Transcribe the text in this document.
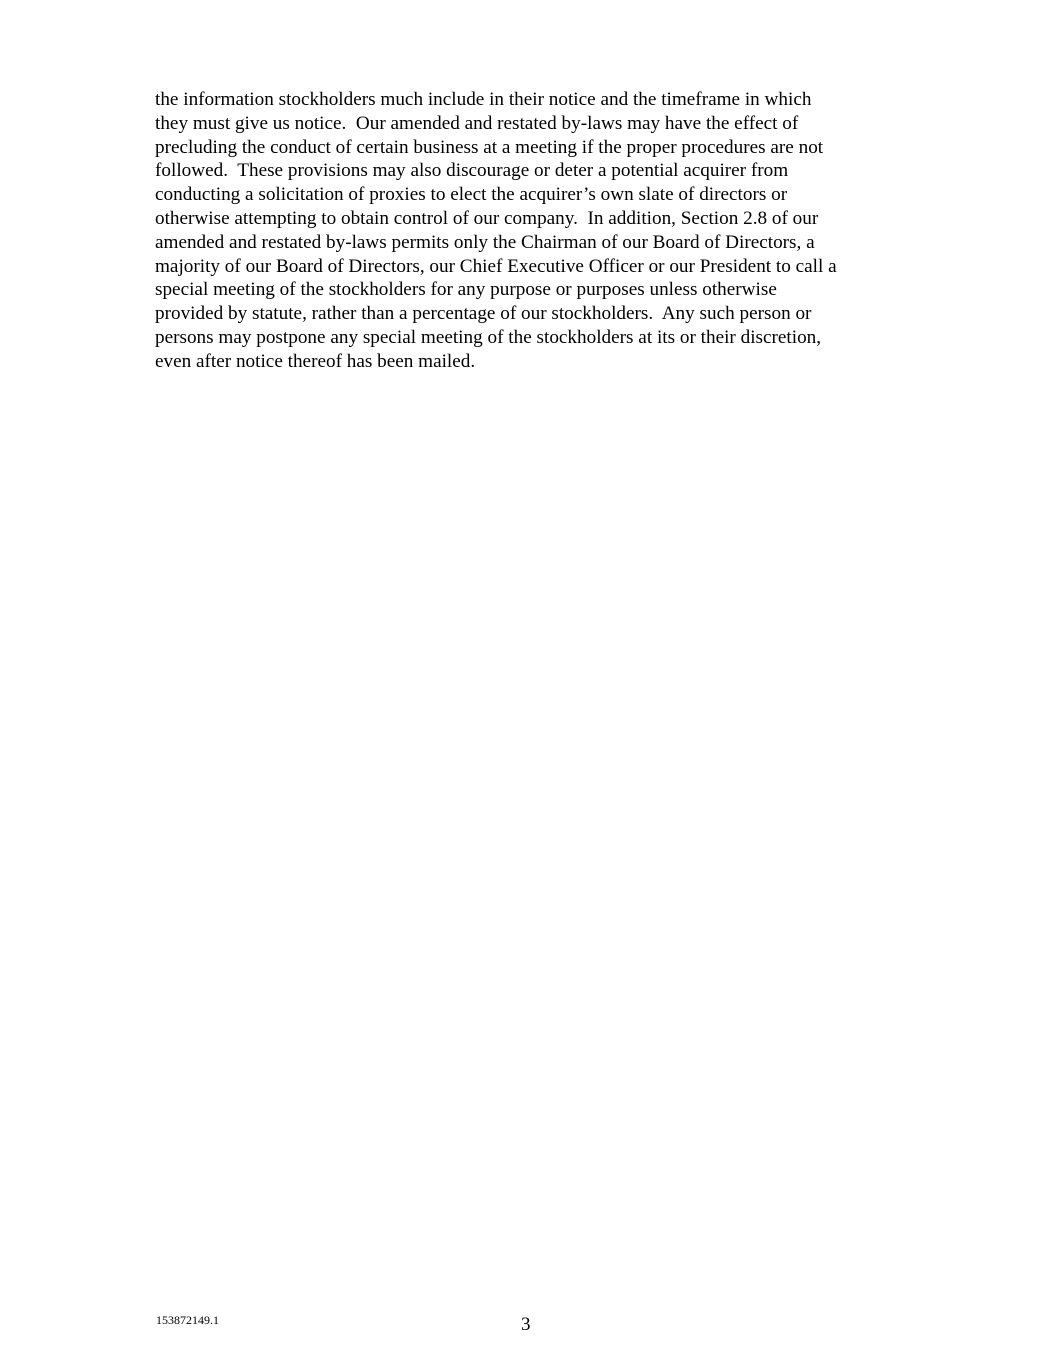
the information stockholders much include in their notice and the timeframe in which
they must give us notice.  Our amended and restated by-laws may have the effect of
precluding the conduct of certain business at a meeting if the proper procedures are not
followed.  These provisions may also discourage or deter a potential acquirer from
conducting a solicitation of proxies to elect the acquirer’s own slate of directors or
otherwise attempting to obtain control of our company.  In addition, Section 2.8 of our
amended and restated by-laws permits only the Chairman of our Board of Directors, a
majority of our Board of Directors, our Chief Executive Officer or our President to call a
special meeting of the stockholders for any purpose or purposes unless otherwise
provided by statute, rather than a percentage of our stockholders.  Any such person or
persons may postpone any special meeting of the stockholders at its or their discretion,
even after notice thereof has been mailed.

153872149.1	3
